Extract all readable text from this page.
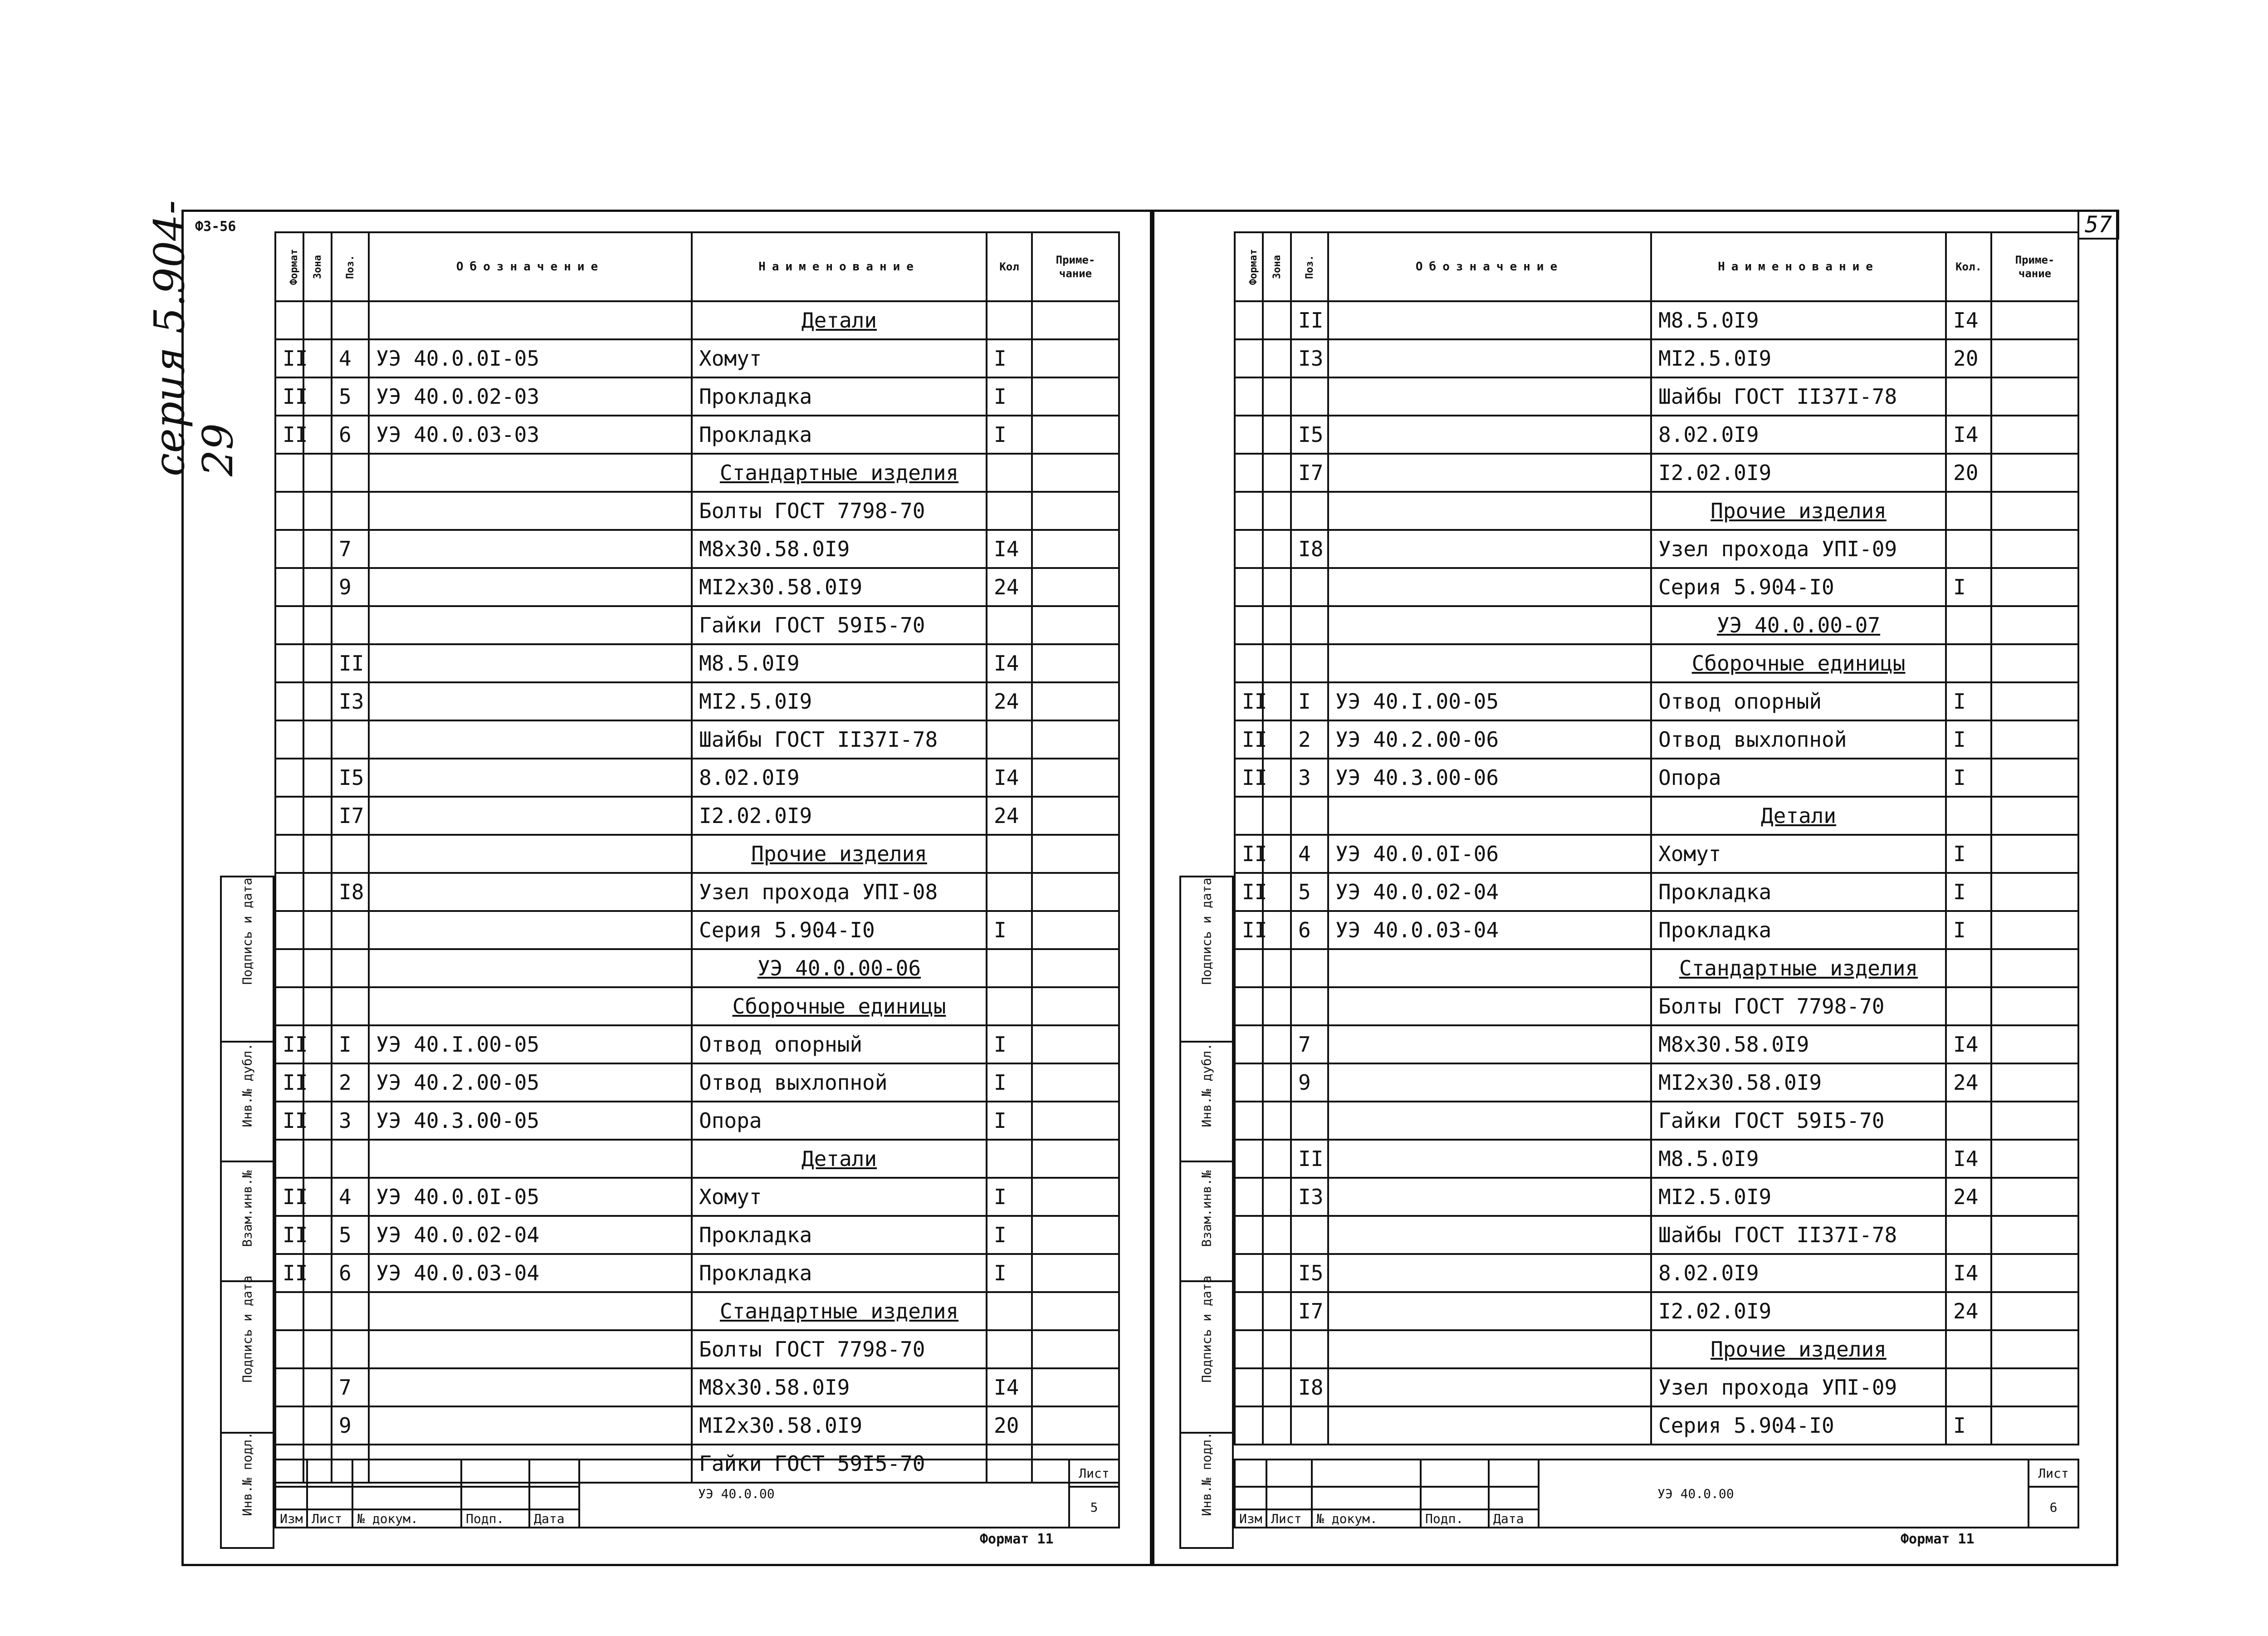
ФЗ-56	57
серия 5.904-29
Подпись и дата

Инв.№ дубл.

Взам.инв.№

Подпись и дата

Инв.№ подл.
Подпись и дата

Инв.№ дубл.

Взам.инв.№

Подпись и дата

Инв.№ подл.
Формат	Зона	Поз.	Обозначение	Наименование	Кол	Приме- чание
				Детали		
II		4	УЭ 40.0.0I-05	Хомут	I	
II		5	УЭ 40.0.02-03	Прокладка	I	
II		6	УЭ 40.0.03-03	Прокладка	I	
				Стандартные изделия		
				Болты ГОСТ 7798-70		
		7		М8х30.58.0I9	I4	
		9		МI2х30.58.0I9	24	
				Гайки ГОСТ 59I5-70		
		II		М8.5.0I9	I4	
		I3		МI2.5.0I9	24	
				Шайбы ГОСТ II37I-78		
		I5		8.02.0I9	I4	
		I7		I2.02.0I9	24	
				Прочие изделия		
		I8		Узел прохода УПI-08		
				Серия 5.904-I0	I	
				УЭ 40.0.00-06		
				Сборочные единицы		
II		I	УЭ 40.I.00-05	Отвод опорный	I	
II		2	УЭ 40.2.00-05	Отвод выхлопной	I	
II		3	УЭ 40.3.00-05	Опора	I	
				Детали		
II		4	УЭ 40.0.0I-05	Хомут	I	
II		5	УЭ 40.0.02-04	Прокладка	I	
II		6	УЭ 40.0.03-04	Прокладка	I	
				Стандартные изделия		
				Болты ГОСТ 7798-70		
		7		М8х30.58.0I9	I4	
		9		МI2х30.58.0I9	20	
				Гайки ГОСТ 59I5-70		
					УЭ 40.0.00	Лист
						5
Изм	Лист	№ докум.	Подп.	Дата		
Формат 11
Формат	Зона	Поз.	Обозначение	Наименование	Кол.	Приме- чание
		II		М8.5.0I9	I4	
		I3		МI2.5.0I9	20	
				Шайбы ГОСТ II37I-78		
		I5		8.02.0I9	I4	
		I7		I2.02.0I9	20	
				Прочие изделия		
		I8		Узел прохода УПI-09		
				Серия 5.904-I0	I	
				УЭ 40.0.00-07		
				Сборочные единицы		
II		I	УЭ 40.I.00-05	Отвод опорный	I	
II		2	УЭ 40.2.00-06	Отвод выхлопной	I	
II		3	УЭ 40.3.00-06	Опора	I	
				Детали		
II		4	УЭ 40.0.0I-06	Хомут	I	
II		5	УЭ 40.0.02-04	Прокладка	I	
II		6	УЭ 40.0.03-04	Прокладка	I	
				Стандартные изделия		
				Болты ГОСТ 7798-70		
		7		М8х30.58.0I9	I4	
		9		МI2х30.58.0I9	24	
				Гайки ГОСТ 59I5-70		
		II		М8.5.0I9	I4	
		I3		МI2.5.0I9	24	
				Шайбы ГОСТ II37I-78		
		I5		8.02.0I9	I4	
		I7		I2.02.0I9	24	
				Прочие изделия		
		I8		Узел прохода УПI-09		
				Серия 5.904-I0	I	
					УЭ 40.0.00	Лист
						6
Изм	Лист	№ докум.	Подп.	Дата		
Формат 11
